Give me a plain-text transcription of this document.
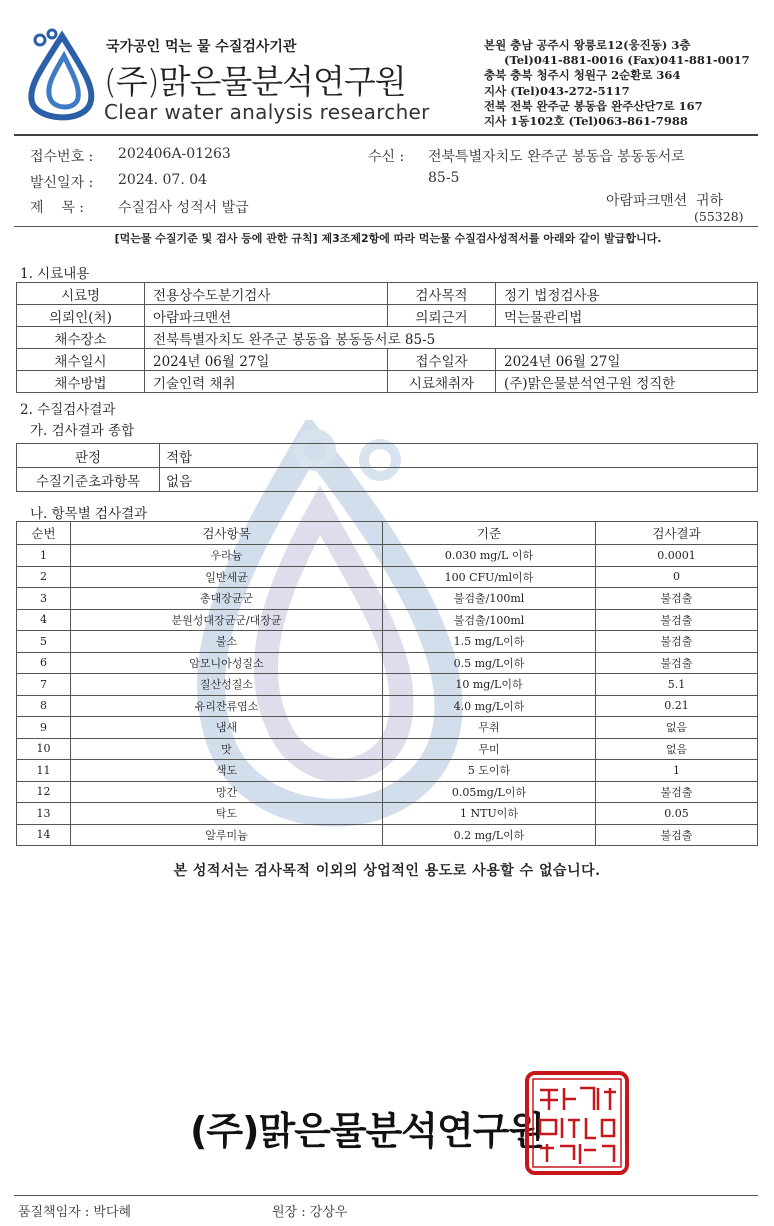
국가공인 먹는 물 수질검사기관
(주)맑은물분석연구원
Clear water analysis researcher
본원 충남 공주시 왕릉로12(웅진동) 3층
(Tel)041-881-0016 (Fax)041-881-0017
충북 충북 청주시 청원구 2순환로 364
지사 (Tel)043-272-5117
전북 전북 완주군 봉동읍 완주산단7로 167
지사 1동102호 (Tel)063-861-7988
접수번호 : 202406A-01263
발신일자 : 2024. 07. 04
제    목 : 수질검사 성적서 발급
수신 : 전북특별자치도 완주군 봉동읍 봉동동서로
85-5
아람파크맨션  귀하
(55328)
[먹는물 수질기준 및 검사 등에 관한 규칙] 제3조제2항에 따라 먹는물 수질검사성적서를 아래와 같이 발급합니다.
1. 시료내용
시료명	전용상수도분기검사	검사목적	정기 법정검사용
의뢰인(처)	아람파크맨션	의뢰근거	먹는물관리법
채수장소	전북특별자치도 완주군 봉동읍 봉동동서로 85-5		
채수일시	2024년 06월 27일	접수일자	2024년 06월 27일
채수방법	기술인력 채취	시료채취자	(주)맑은물분석연구원 정직한
2. 수질검사결과
가. 검사결과 종합
판정	적합
수질기준초과항목	없음
나. 항목별 검사결과
순번	검사항목	기준	검사결과
1	우라늄	0.030 mg/L 이하	0.0001
2	일반세균	100 CFU/ml이하	0
3	총대장균군	불검출/100ml	불검출
4	분원성대장균군/대장균	불검출/100ml	불검출
5	불소	1.5 mg/L이하	불검출
6	암모니아성질소	0.5 mg/L이하	불검출
7	질산성질소	10 mg/L이하	5.1
8	유리잔류염소	4.0 mg/L이하	0.21
9	냄새	무취	없음
10	맛	무미	없음
11	색도	5 도이하	1
12	망간	0.05mg/L이하	불검출
13	탁도	1 NTU이하	0.05
14	알루미늄	0.2 mg/L이하	불검출
본 성적서는 검사목적 이외의 상업적인 용도로 사용할 수 없습니다.
(주)맑은물분석연구원
품질책임자 : 박다혜	원장 : 강상우
